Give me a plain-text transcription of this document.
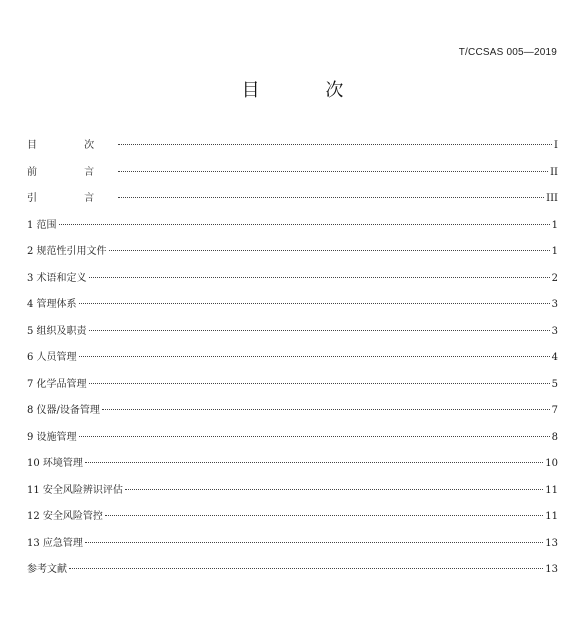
T/CCSAS 005—2019
目 次
目 次	I
前 言	II
引 言	III
1 范围	1
2 规范性引用文件	1
3 术语和定义	2
4 管理体系	3
5 组织及职责	3
6 人员管理	4
7 化学品管理	5
8 仪器/设备管理	7
9 设施管理	8
10 环境管理	10
11 安全风险辨识评估	11
12 安全风险管控	11
13 应急管理	13
参考文献	13
